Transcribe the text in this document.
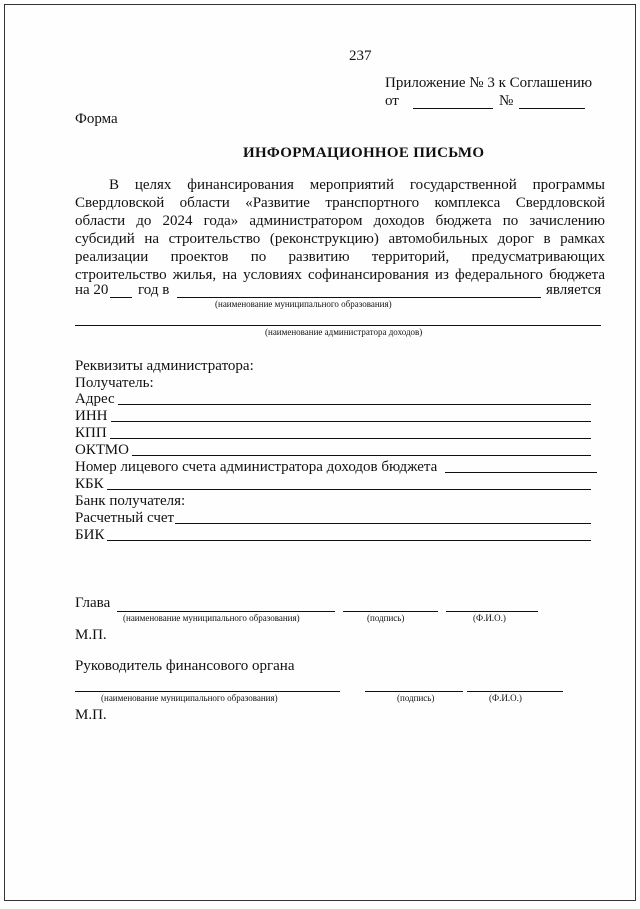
237
Приложение № 3 к Соглашению
от	№
Форма
ИНФОРМАЦИОННОЕ ПИСЬМО
В целях финансирования мероприятий государственной программы
Свердловской области «Развитие транспортного комплекса Свердловской
области до 2024 года» администратором доходов бюджета по зачислению
субсидий на строительство (реконструкцию) автомобильных дорог в рамках
реализации проектов по развитию территорий, предусматривающих
строительство жилья, на условиях софинансирования из федерального бюджета
на 20 год в	является
(наименование муниципального образования)
(наименование администратора доходов)
Реквизиты администратора:
Получатель:
Адрес
ИНН
КПП
ОКТМО
Номер лицевого счета администратора доходов бюджета
КБК
Банк получателя:
Расчетный счет
БИК
Глава
(наименование муниципального образования)	(подпись)	(Ф.И.О.)
М.П.
Руководитель финансового органа
(наименование муниципального образования)	(подпись)	(Ф.И.О.)
М.П.
